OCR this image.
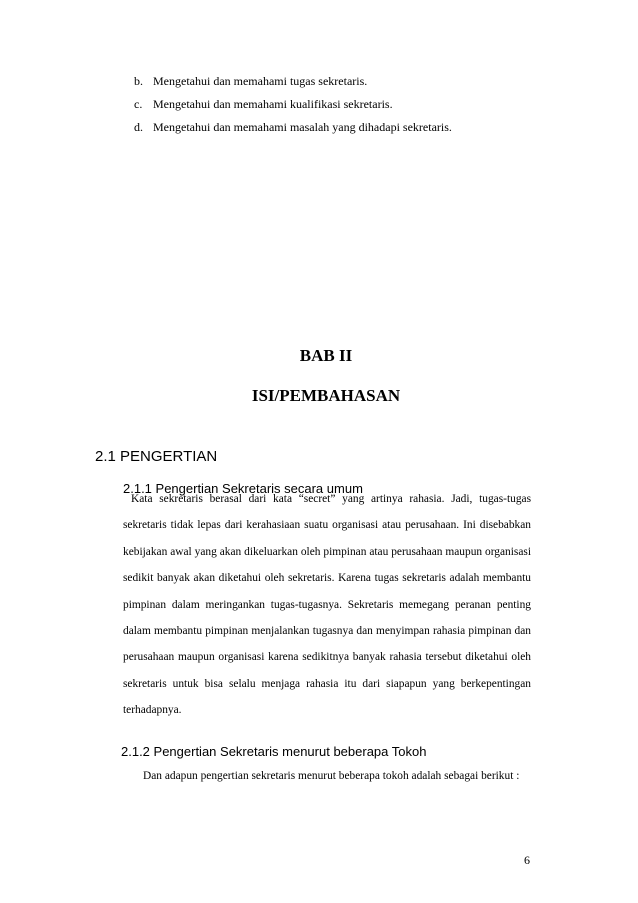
b. Mengetahui dan memahami tugas sekretaris.
c. Mengetahui dan memahami kualifikasi sekretaris.
d. Mengetahui dan memahami masalah yang dihadapi sekretaris.
BAB II
ISI/PEMBAHASAN
2.1 PENGERTIAN
2.1.1 Pengertian Sekretaris secara umum

Kata sekretaris berasal dari kata “secret” yang artinya rahasia. Jadi, tugas-tugas sekretaris tidak lepas dari kerahasiaan suatu organisasi atau perusahaan. Ini disebabkan kebijakan awal yang akan dikeluarkan oleh pimpinan atau perusahaan maupun organisasi sedikit banyak akan diketahui oleh sekretaris. Karena tugas sekretaris adalah membantu pimpinan dalam meringankan tugas-tugasnya. Sekretaris memegang peranan penting dalam membantu pimpinan menjalankan tugasnya dan menyimpan rahasia pimpinan dan perusahaan maupun organisasi karena sedikitnya banyak rahasia tersebut diketahui oleh sekretaris untuk bisa selalu menjaga rahasia itu dari siapapun yang berkepentingan terhadapnya.

2.1.2 Pengertian Sekretaris menurut beberapa Tokoh

Dan adapun pengertian sekretaris menurut beberapa tokoh adalah sebagai berikut :

6
